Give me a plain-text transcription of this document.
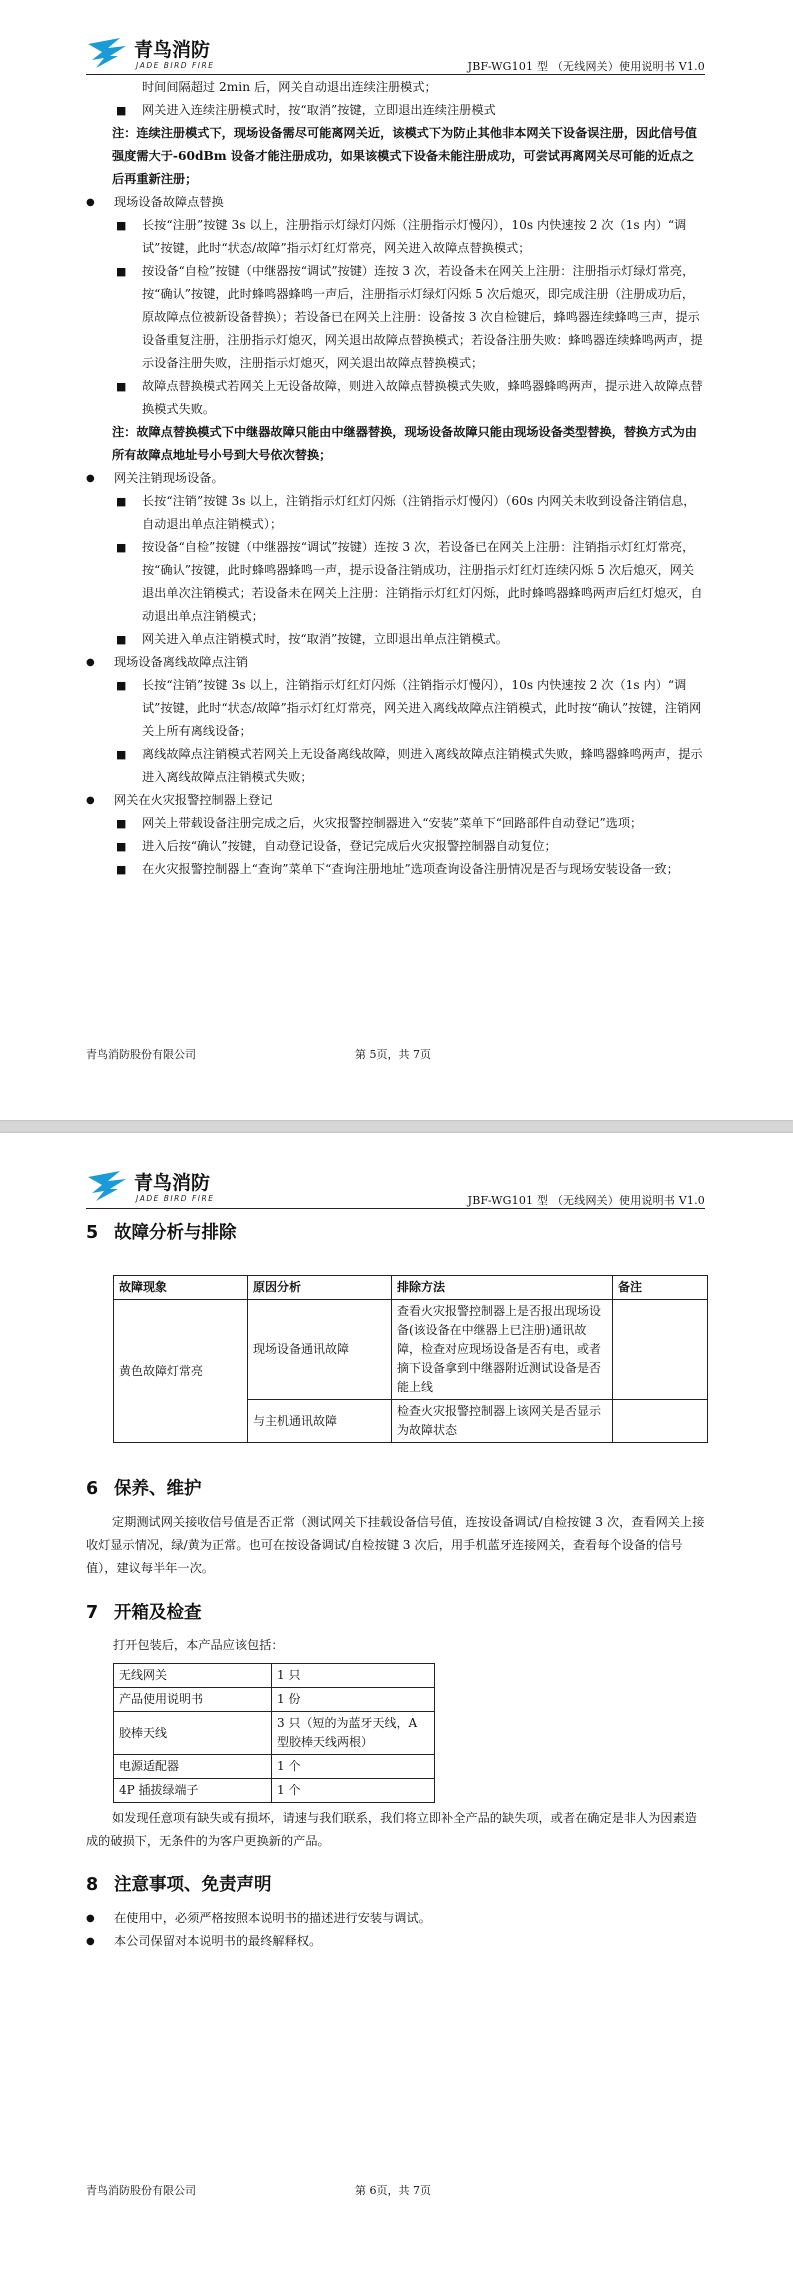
青鸟消防
JADE BIRD FIRE	JBF-WG101 型 （无线网关）使用说明书 V1.0

时间间隔超过 2min 后，网关自动退出连续注册模式；

■ 网关进入连续注册模式时，按“取消”按键，立即退出连续注册模式

注：连续注册模式下，现场设备需尽可能离网关近，该模式下为防止其他非本网关下设备误注册，因此信号值强度需大于-60dBm 设备才能注册成功，如果该模式下设备未能注册成功，可尝试再离网关尽可能的近点之后再重新注册；

● 现场设备故障点替换

■ 长按“注册”按键 3s 以上，注册指示灯绿灯闪烁（注册指示灯慢闪），10s 内快速按 2 次（1s 内）“调试”按键，此时“状态/故障”指示灯红灯常亮，网关进入故障点替换模式；

■ 按设备“自检”按键（中继器按“调试”按键）连按 3 次，若设备未在网关上注册：注册指示灯绿灯常亮，按“确认”按键，此时蜂鸣器蜂鸣一声后，注册指示灯绿灯闪烁 5 次后熄灭，即完成注册（注册成功后，原故障点位被新设备替换）；若设备已在网关上注册：设备按 3 次自检键后，蜂鸣器连续蜂鸣三声，提示设备重复注册，注册指示灯熄灭，网关退出故障点替换模式；若设备注册失败：蜂鸣器连续蜂鸣两声，提示设备注册失败，注册指示灯熄灭，网关退出故障点替换模式；

■ 故障点替换模式若网关上无设备故障，则进入故障点替换模式失败，蜂鸣器蜂鸣两声，提示进入故障点替换模式失败。

注：故障点替换模式下中继器故障只能由中继器替换，现场设备故障只能由现场设备类型替换，替换方式为由所有故障点地址号小号到大号依次替换；

● 网关注销现场设备。

■ 长按“注销”按键 3s 以上，注销指示灯红灯闪烁（注销指示灯慢闪）（60s 内网关未收到设备注销信息，自动退出单点注销模式）；

■ 按设备“自检”按键（中继器按“调试”按键）连按 3 次，若设备已在网关上注册：注销指示灯红灯常亮，按“确认”按键，此时蜂鸣器蜂鸣一声，提示设备注销成功，注册指示灯红灯连续闪烁 5 次后熄灭，网关退出单次注销模式；若设备未在网关上注册：注销指示灯红灯闪烁，此时蜂鸣器蜂鸣两声后红灯熄灭，自动退出单点注销模式；

■ 网关进入单点注销模式时，按“取消”按键，立即退出单点注销模式。

● 现场设备离线故障点注销

■ 长按“注销”按键 3s 以上，注销指示灯红灯闪烁（注销指示灯慢闪），10s 内快速按 2 次（1s 内）“调试”按键，此时“状态/故障”指示灯红灯常亮，网关进入离线故障点注销模式，此时按“确认”按键，注销网关上所有离线设备；

■ 离线故障点注销模式若网关上无设备离线故障，则进入离线故障点注销模式失败，蜂鸣器蜂鸣两声，提示进入离线故障点注销模式失败；

● 网关在火灾报警控制器上登记

■ 网关上带载设备注册完成之后，火灾报警控制器进入“安装”菜单下“回路部件自动登记”选项；

■ 进入后按“确认”按键，自动登记设备，登记完成后火灾报警控制器自动复位；

■ 在火灾报警控制器上“查询”菜单下“查询注册地址”选项查询设备注册情况是否与现场安装设备一致；

青鸟消防股份有限公司	第 5页，共 7页
青鸟消防
JADE BIRD FIRE	JBF-WG101 型 （无线网关）使用说明书 V1.0
5 故障分析与排除
故障现象	原因分析	排除方法	备注
黄色故障灯常亮	现场设备通讯故障	查看火灾报警控制器上是否报出现场设备(该设备在中继器上已注册)通讯故障，检查对应现场设备是否有电，或者摘下设备拿到中继器附近测试设备是否能上线	
	与主机通讯故障	检查火灾报警控制器上该网关是否显示为故障状态	
6 保养、维护
定期测试网关接收信号值是否正常（测试网关下挂载设备信号值，连按设备调试/自检按键 3 次，查看网关上接收灯显示情况，绿/黄为正常。也可在按设备调试/自检按键 3 次后，用手机蓝牙连接网关，查看每个设备的信号值），建议每半年一次。
7 开箱及检查
打开包装后，本产品应该包括：
无线网关	1 只
产品使用说明书	1 份
胶棒天线	3 只（短的为蓝牙天线，A 型胶棒天线两根）
电源适配器	1 个
4P 插拔绿端子	1 个
如发现任意项有缺失或有损坏，请速与我们联系，我们将立即补全产品的缺失项，或者在确定是非人为因素造成的破损下，无条件的为客户更换新的产品。
8 注意事项、免责声明

● 在使用中，必须严格按照本说明书的描述进行安装与调试。

● 本公司保留对本说明书的最终解释权。

青鸟消防股份有限公司	第 6页，共 7页
